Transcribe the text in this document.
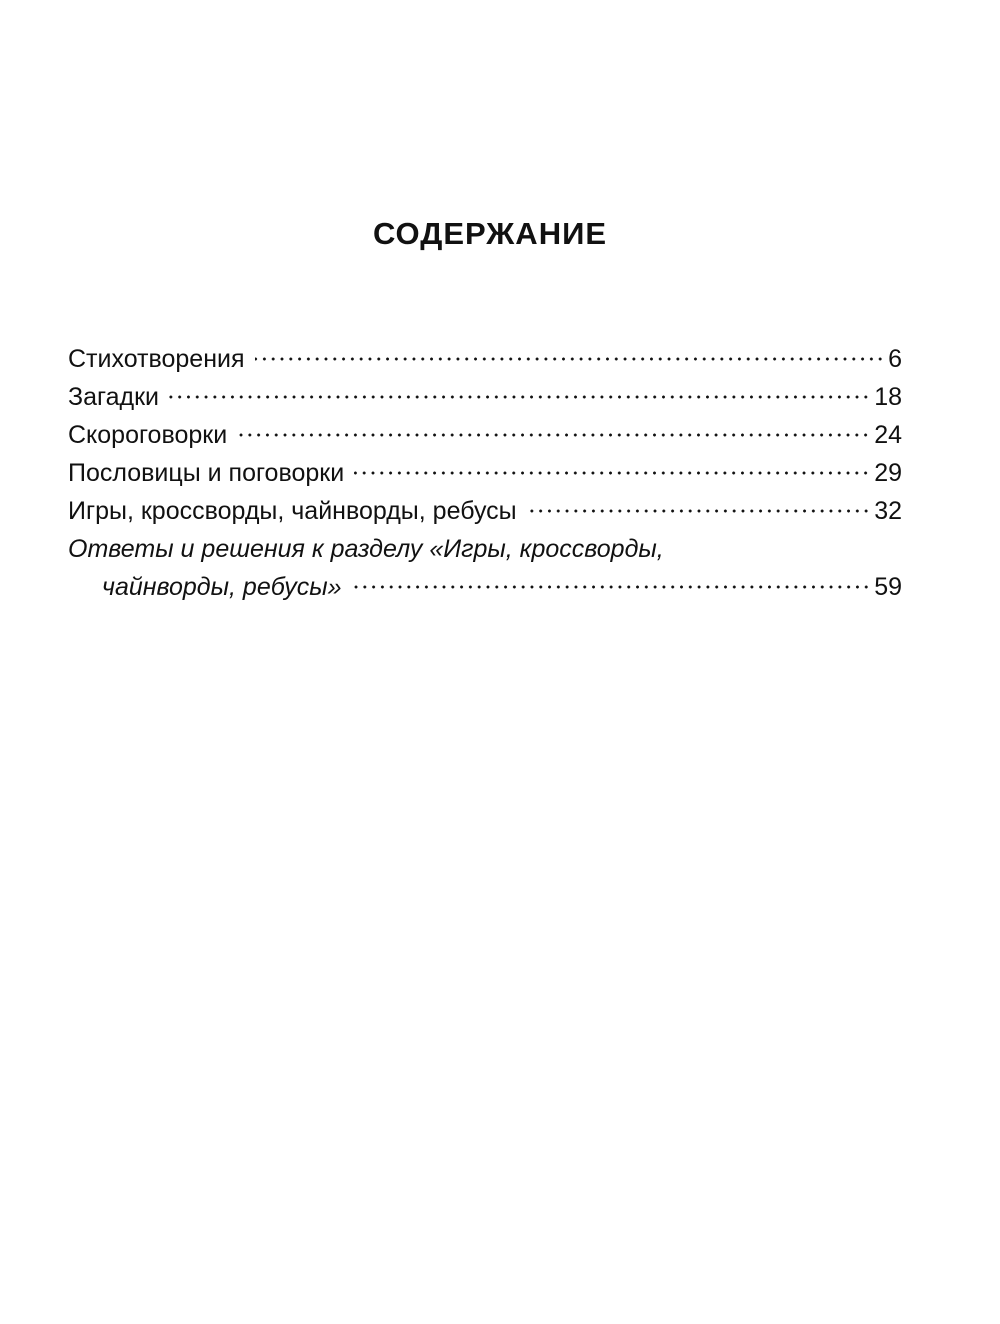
СОДЕРЖАНИЕ
Стихотворения	6
Загадки	18
Скороговорки	24
Пословицы и поговорки	29
Игры, кроссворды, чайнворды, ребусы	32
Ответы и решения к разделу «Игры, кроссворды,
чайнворды, ребусы»	59
